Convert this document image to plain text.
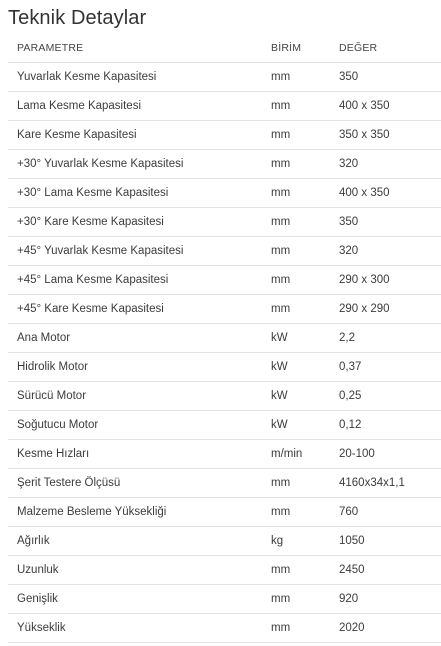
Teknik Detaylar
PARAMETRE	BİRİM	DEĞER
Yuvarlak Kesme Kapasitesi	mm	350
Lama Kesme Kapasitesi	mm	400 x 350
Kare Kesme Kapasitesi	mm	350 x 350
+30° Yuvarlak Kesme Kapasitesi	mm	320
+30° Lama Kesme Kapasitesi	mm	400 x 350
+30° Kare Kesme Kapasitesi	mm	350
+45° Yuvarlak Kesme Kapasitesi	mm	320
+45° Lama Kesme Kapasitesi	mm	290 x 300
+45° Kare Kesme Kapasitesi	mm	290 x 290
Ana Motor	kW	2,2
Hidrolik Motor	kW	0,37
Sürücü Motor	kW	0,25
Soğutucu Motor	kW	0,12
Kesme Hızları	m/min	20-100
Şerit Testere Ölçüsü	mm	4160x34x1,1
Malzeme Besleme Yüksekliği	mm	760
Ağırlık	kg	1050
Uzunluk	mm	2450
Genişlik	mm	920
Yükseklik	mm	2020
